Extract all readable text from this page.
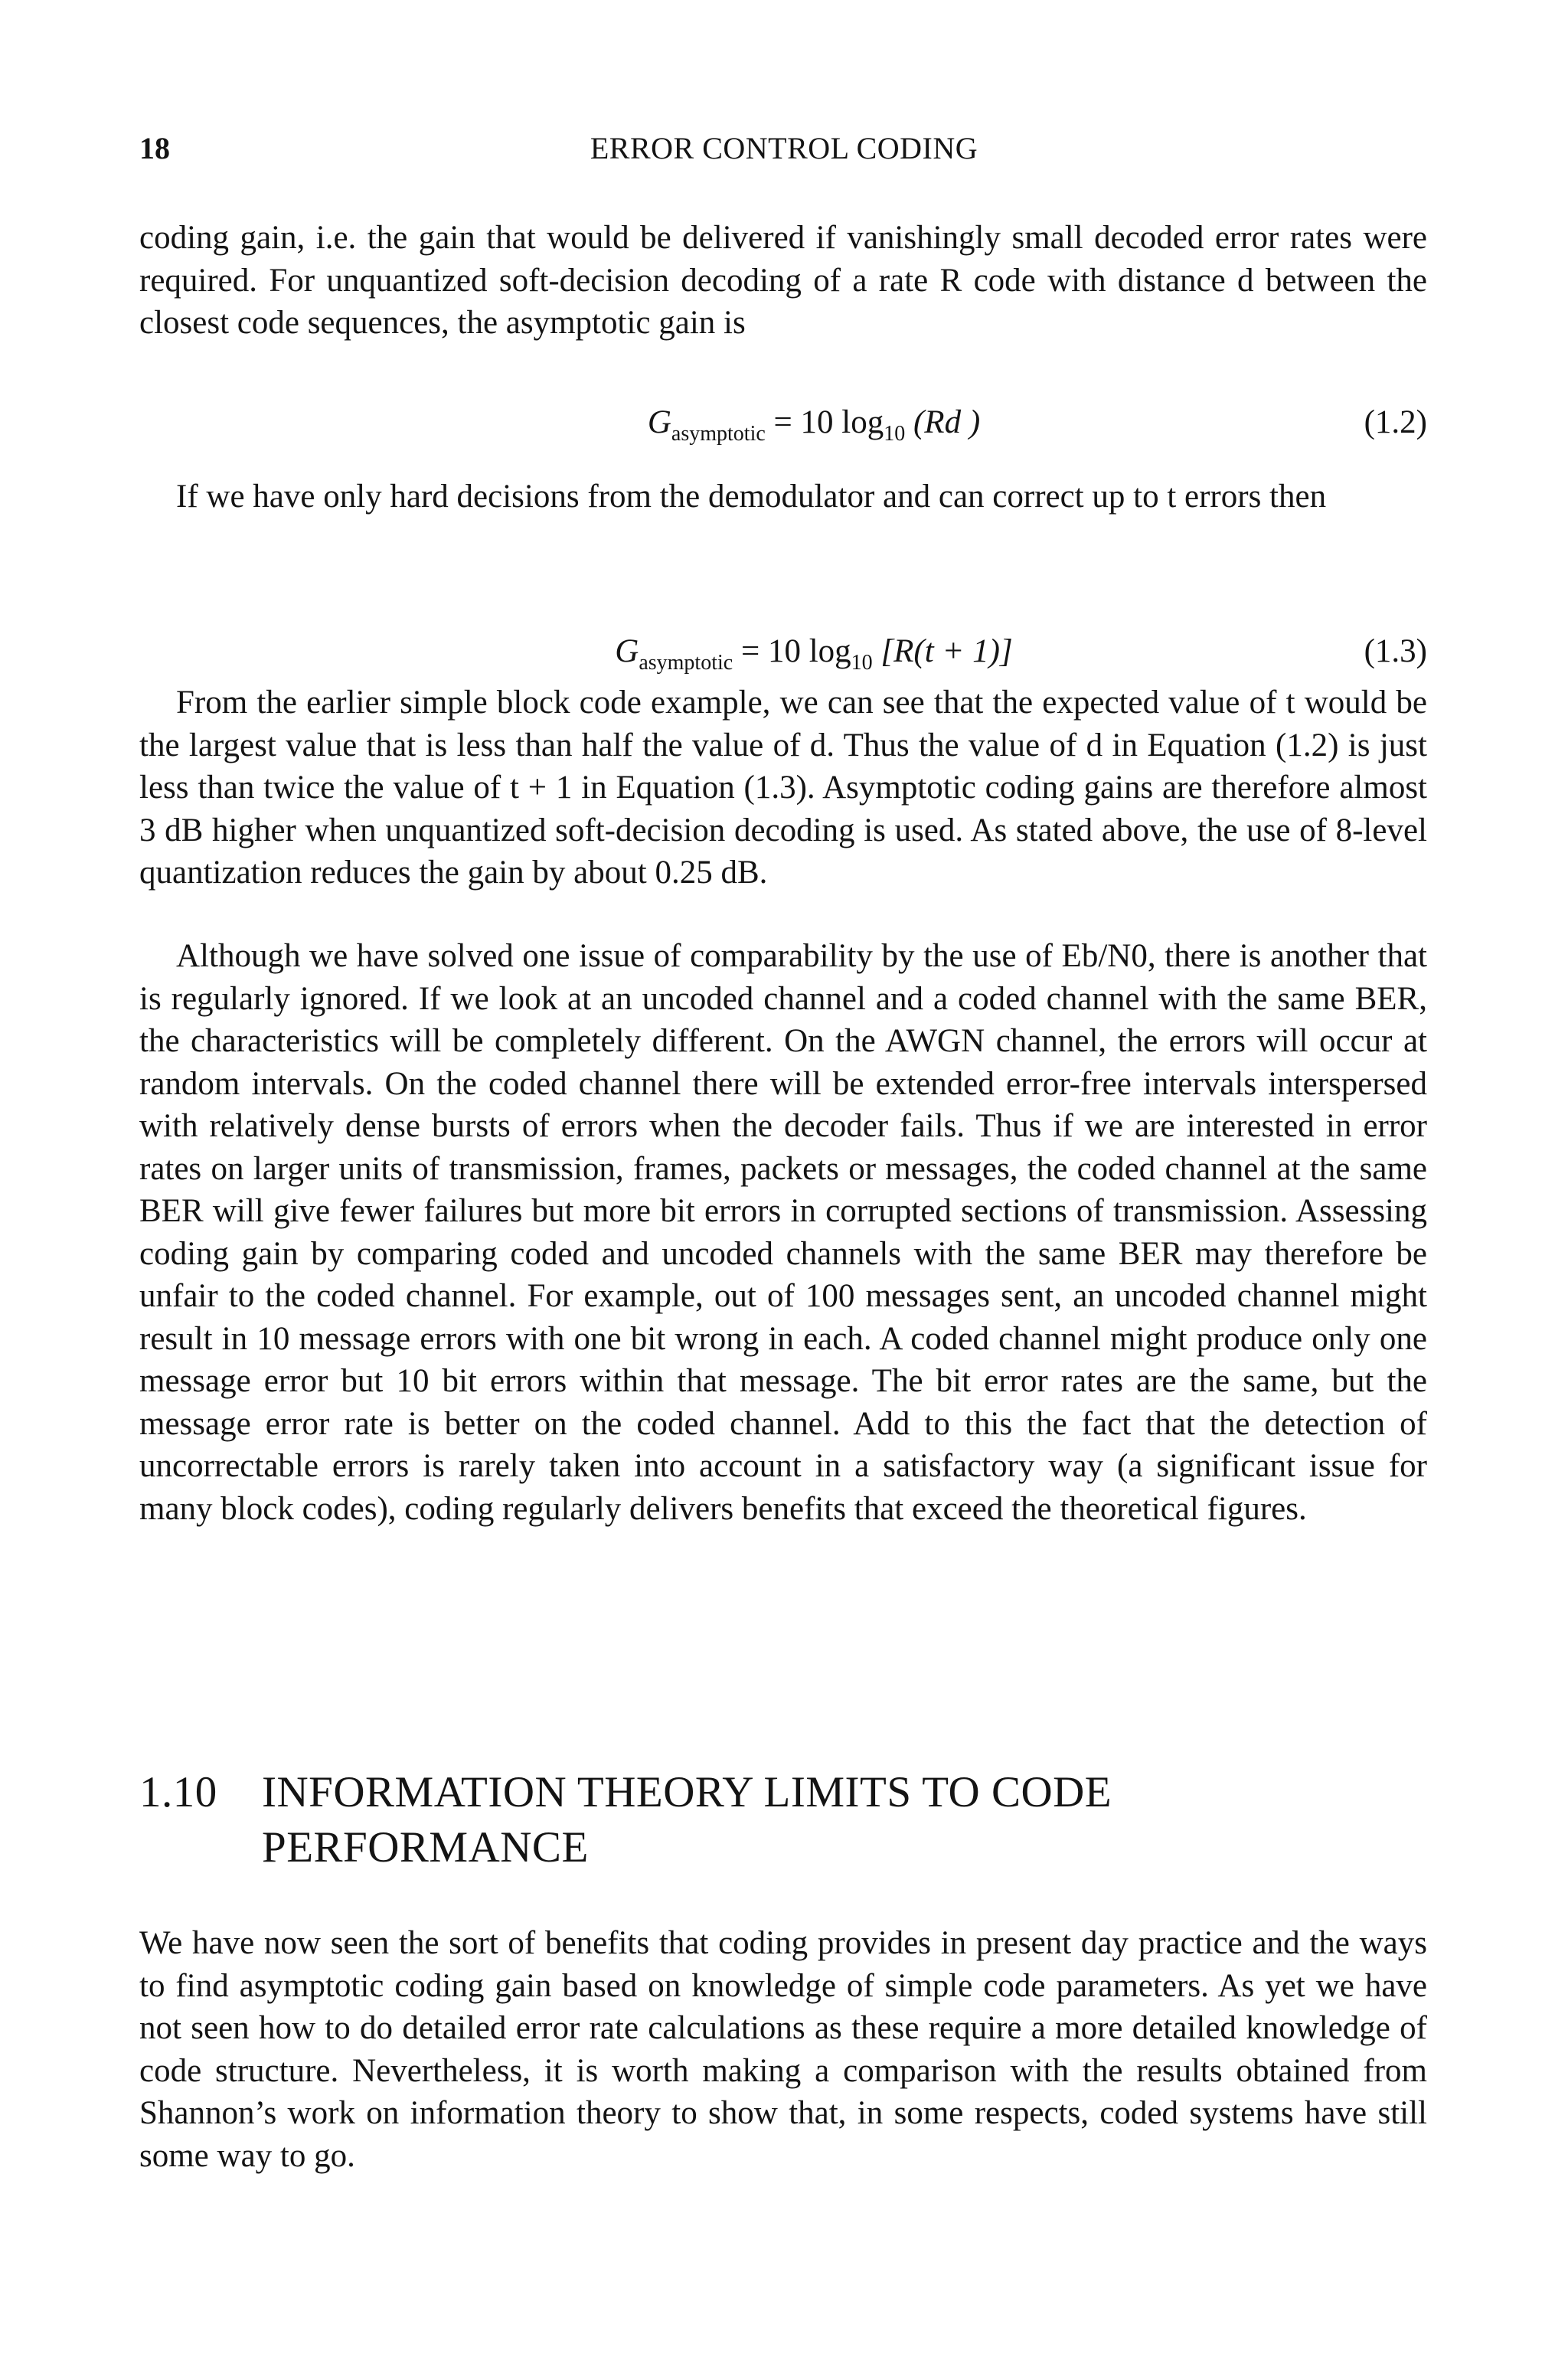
18	ERROR CONTROL CODING

coding gain, i.e. the gain that would be delivered if vanishingly small decoded error rates were required. For unquantized soft-decision decoding of a rate R code with distance d between the closest code sequences, the asymptotic gain is

$G_{asymptotic} = 10$ $\log_{10} (Rd$ )	(1.2)

If we have only hard decisions from the demodulator and can correct up to t errors then

$G_{asymptotic} = 10$ $\log_{10} [R(t + 1)]$	(1.3)

From the earlier simple block code example, we can see that the expected value of t would be the largest value that is less than half the value of d. Thus the value of d in Equation (1.2) is just less than twice the value of t + 1 in Equation (1.3). Asymptotic coding gains are therefore almost 3 dB higher when unquantized soft-decision decoding is used. As stated above, the use of 8-level quantization reduces the gain by about 0.25 dB.

Although we have solved one issue of comparability by the use of Eb/N0, there is another that is regularly ignored. If we look at an uncoded channel and a coded channel with the same BER, the characteristics will be completely different. On the AWGN channel, the errors will occur at random intervals. On the coded channel there will be extended error-free intervals interspersed with relatively dense bursts of errors when the decoder fails. Thus if we are interested in error rates on larger units of transmission, frames, packets or messages, the coded channel at the same BER will give fewer failures but more bit errors in corrupted sections of transmission. Assessing coding gain by comparing coded and uncoded channels with the same BER may therefore be unfair to the coded channel. For example, out of 100 messages sent, an uncoded channel might result in 10 message errors with one bit wrong in each. A coded channel might produce only one message error but 10 bit errors within that message. The bit error rates are the same, but the message error rate is better on the coded channel. Add to this the fact that the detection of uncorrectable errors is rarely taken into account in a satisfactory way (a significant issue for many block codes), coding regularly delivers benefits that exceed the theoretical figures.

1.10 INFORMATION THEORY LIMITS TO CODE PERFORMANCE

We have now seen the sort of benefits that coding provides in present day practice and the ways to find asymptotic coding gain based on knowledge of simple code parameters. As yet we have not seen how to do detailed error rate calculations as these require a more detailed knowledge of code structure. Nevertheless, it is worth making a comparison with the results obtained from Shannon’s work on information theory to show that, in some respects, coded systems have still some way to go.
